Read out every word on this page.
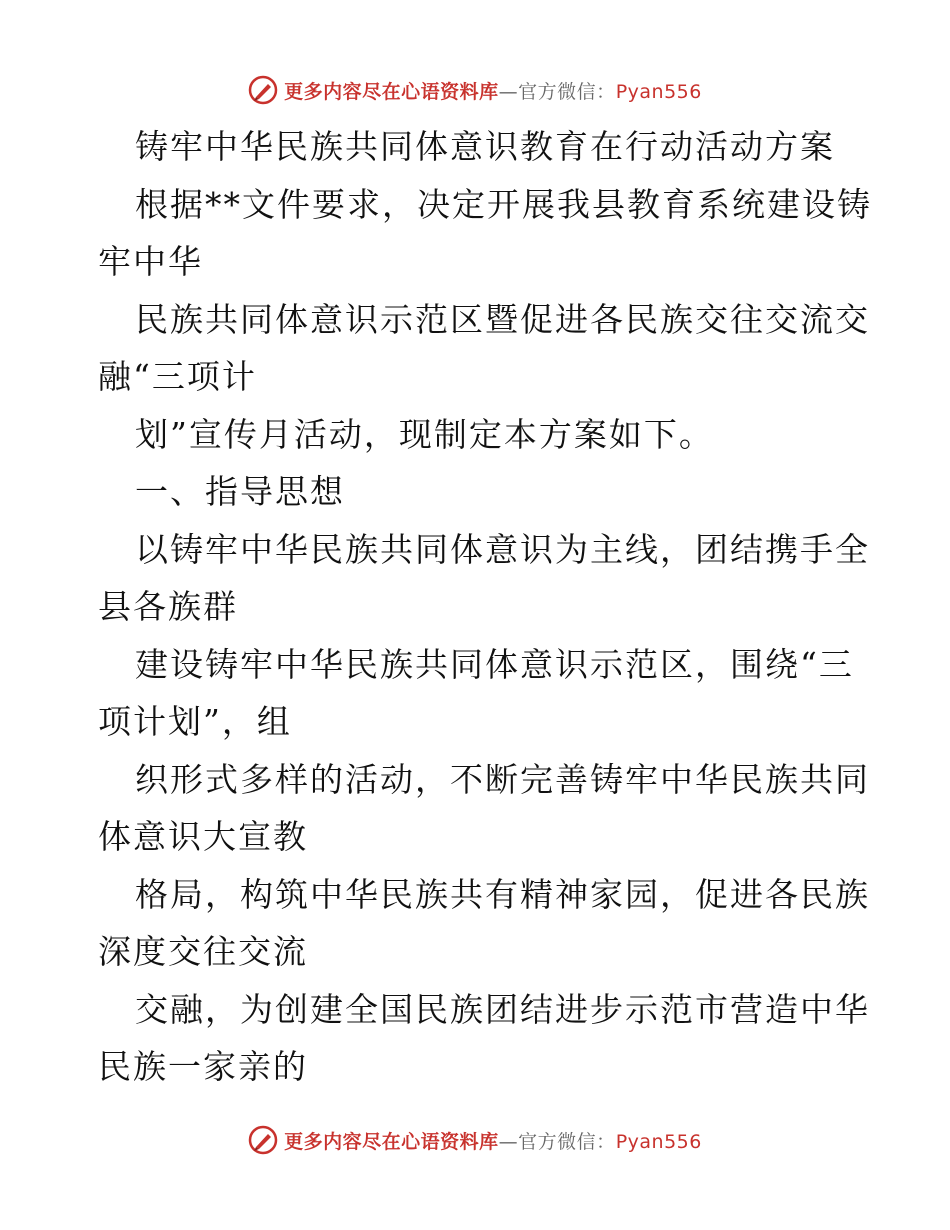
更多内容尽在心语资料库—官方微信：Pyan556
铸牢中华民族共同体意识教育在行动活动方案
根据**文件要求，决定开展我县教育系统建设铸
牢中华
民族共同体意识示范区暨促进各民族交往交流交
融“三项计
划”宣传月活动，现制定本方案如下。
一、指导思想
以铸牢中华民族共同体意识为主线，团结携手全
县各族群
建设铸牢中华民族共同体意识示范区，围绕“三
项计划”，组
织形式多样的活动，不断完善铸牢中华民族共同
体意识大宣教
格局，构筑中华民族共有精神家园，促进各民族
深度交往交流
交融，为创建全国民族团结进步示范市营造中华
民族一家亲的
更多内容尽在心语资料库—官方微信：Pyan556
